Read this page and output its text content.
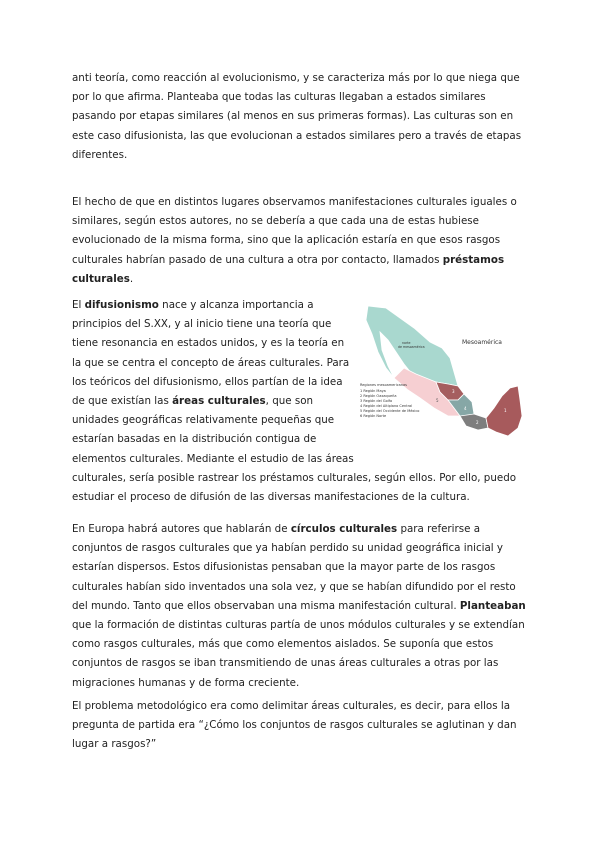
anti teoría, como reacción al evolucionismo, y se caracteriza más por lo que niega que por lo que afirma. Planteaba que todas las culturas llegaban a estados similares pasando por etapas similares (al menos en sus primeras formas). Las culturas son en este caso difusionista, las que evolucionan a estados similares pero a través de etapas diferentes.

El hecho de que en distintos lugares observamos manifestaciones culturales iguales o similares, según estos autores, no se debería a que cada una de estas hubiese evolucionado de la misma forma, sino que la aplicación estaría en que esos rasgos culturales habrían pasado de una cultura a otra por contacto, llamados préstamos culturales.

3
4
2
5
1
Mesoamérica
norte
de mesoamérica
Regiones mesoamericanas
1 Región Maya
2 Región Oaxaqueña
3 Región del Golfo
4 Región del Altiplano Central
5 Región del Occidente de México
6 Región Norte
El difusionismo nace y alcanza importancia a principios del S.XX, y al inicio tiene una teoría que tiene resonancia en estados unidos, y es la teoría en la que se centra el concepto de áreas culturales. Para los teóricos del difusionismo, ellos partían de la idea de que existían las áreas culturales, que son unidades geográficas relativamente pequeñas que estarían basadas en la distribución contigua de elementos culturales. Mediante el estudio de las áreas culturales, sería posible rastrear los préstamos culturales, según ellos. Por ello, puedo estudiar el proceso de difusión de las diversas manifestaciones de la cultura.

En Europa habrá autores que hablarán de círculos culturales para referirse a conjuntos de rasgos culturales que ya habían perdido su unidad geográfica inicial y estarían dispersos. Estos difusionistas pensaban que la mayor parte de los rasgos culturales habían sido inventados una sola vez, y que se habían difundido por el resto del mundo. Tanto que ellos observaban una misma manifestación cultural. Planteaban que la formación de distintas culturas partía de unos módulos culturales y se extendían como rasgos culturales, más que como elementos aislados. Se suponía que estos conjuntos de rasgos se iban transmitiendo de unas áreas culturales a otras por las migraciones humanas y de forma creciente.

El problema metodológico era como delimitar áreas culturales, es decir, para ellos la pregunta de partida era “¿Cómo los conjuntos de rasgos culturales se aglutinan y dan lugar a rasgos?”
